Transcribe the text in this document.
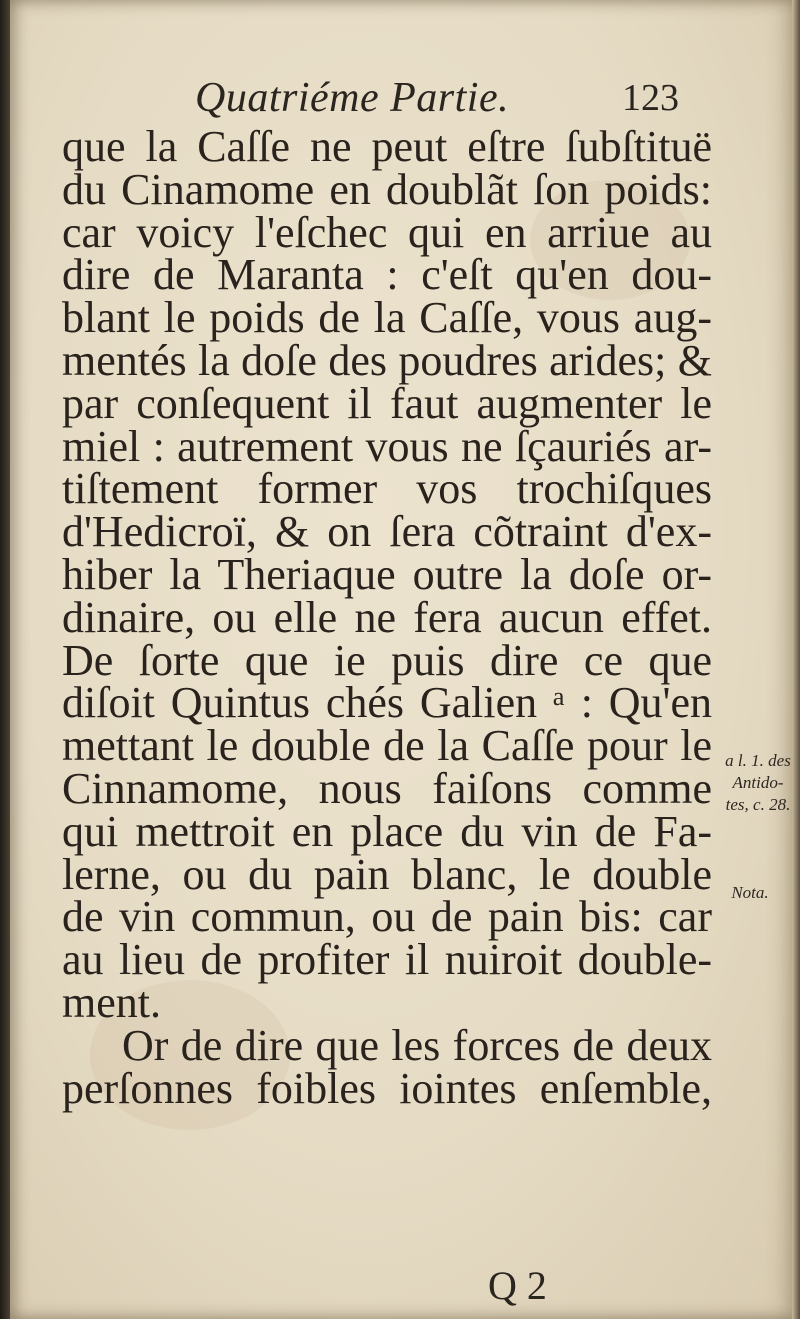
Quatriéme Partie.	123
que la Caſſe ne peut eſtre ſubſtituë
du Cinamome en doublãt ſon poids:
car voicy l'eſchec qui en arriue au
dire de Maranta : c'eſt qu'en dou-
blant le poids de la Caſſe, vous aug-
mentés la doſe des poudres arides; &
par conſequent il faut augmenter le
miel : autrement vous ne ſçauriés ar-
tiſtement former vos trochiſques
d'Hedicroï, & on ſera cõtraint d'ex-
hiber la Theriaque outre la doſe or-
dinaire, ou elle ne fera aucun effet.
De ſorte que ie puis dire ce que
diſoit Quintus chés Galien ᵃ : Qu'en
mettant le double de la Caſſe pour le
Cinnamome, nous faiſons comme
qui mettroit en place du vin de Fa-
lerne, ou du pain blanc, le double
de vin commun, ou de pain bis: car
au lieu de profiter il nuiroit double-
ment.
Or de dire que les forces de deux
perſonnes foibles iointes enſemble,
a l. 1. des
Antido-
tes, c. 28.
Nota.
Q 2
